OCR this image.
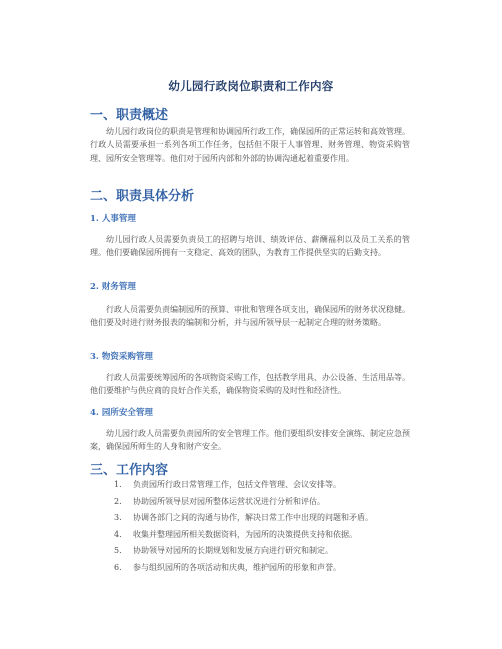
幼儿园行政岗位职责和工作内容
一、职责概述

幼儿园行政岗位的职责是管理和协调园所行政工作，确保园所的正常运转和高效管理。行政人员需要承担一系列各项工作任务，包括但不限于人事管理、财务管理、物资采购管理、园所安全管理等。他们对于园所内部和外部的协调沟通起着重要作用。

二、职责具体分析
1. 人事管理

幼儿园行政人员需要负责员工的招聘与培训、绩效评估、薪酬福利以及员工关系的管理。他们要确保园所拥有一支稳定、高效的团队，为教育工作提供坚实的后勤支持。

2. 财务管理

行政人员需要负责编制园所的预算、审批和管理各项支出，确保园所的财务状况稳健。他们要及时进行财务报表的编制和分析，并与园所领导层一起制定合理的财务策略。

3. 物资采购管理

行政人员需要统筹园所的各项物资采购工作，包括教学用具、办公设备、生活用品等。他们要维护与供应商的良好合作关系，确保物资采购的及时性和经济性。

4. 园所安全管理

幼儿园行政人员需要负责园所的安全管理工作。他们要组织安排安全演练、制定应急预案，确保园所师生的人身和财产安全。

三、工作内容
1.	负责园所行政日常管理工作，包括文件管理、会议安排等。
2.	协助园所领导层对园所整体运营状况进行分析和评估。
3.	协调各部门之间的沟通与协作，解决日常工作中出现的问题和矛盾。
4.	收集并整理园所相关数据资料，为园所的决策提供支持和依据。
5.	协助领导对园所的长期规划和发展方向进行研究和制定。
6.	参与组织园所的各项活动和庆典，维护园所的形象和声誉。
